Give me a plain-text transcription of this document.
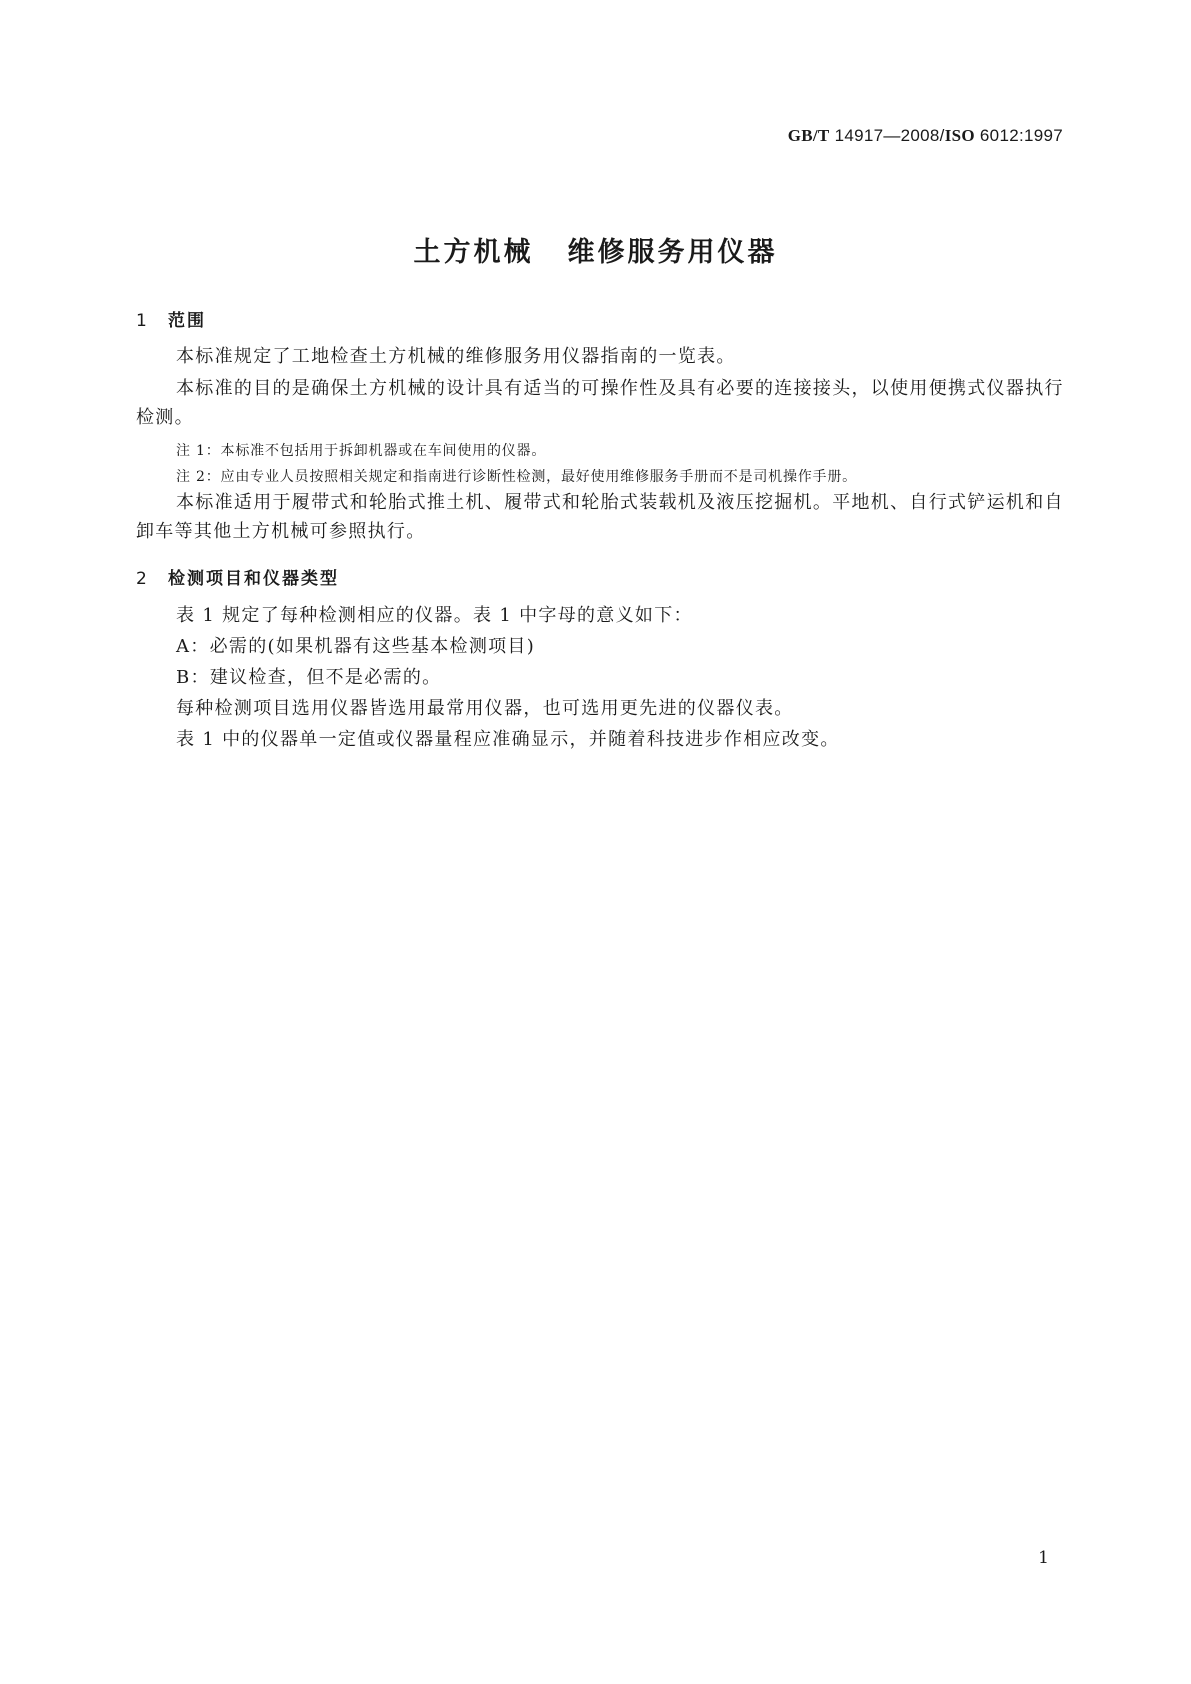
GB/T 14917—2008/ISO 6012:1997
土方机械 维修服务用仪器
1 范围
本标准规定了工地检查土方机械的维修服务用仪器指南的一览表。
本标准的目的是确保土方机械的设计具有适当的可操作性及具有必要的连接接头，以使用便携式仪器执行检测。
注 1：本标准不包括用于拆卸机器或在车间使用的仪器。
注 2：应由专业人员按照相关规定和指南进行诊断性检测，最好使用维修服务手册而不是司机操作手册。
本标准适用于履带式和轮胎式推土机、履带式和轮胎式装载机及液压挖掘机。平地机、自行式铲运机和自卸车等其他土方机械可参照执行。
2 检测项目和仪器类型
表 1 规定了每种检测相应的仪器。表 1 中字母的意义如下：
A：必需的(如果机器有这些基本检测项目)
B：建议检查，但不是必需的。
每种检测项目选用仪器皆选用最常用仪器，也可选用更先进的仪器仪表。
表 1 中的仪器单一定值或仪器量程应准确显示，并随着科技进步作相应改变。
1
